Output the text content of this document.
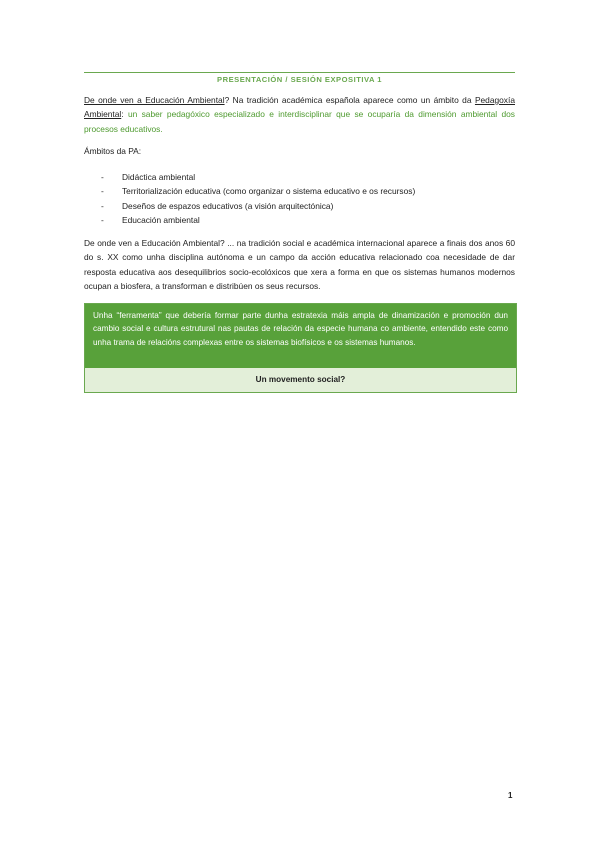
PRESENTACIÓN / SESIÓN EXPOSITIVA 1
De onde ven a Educación Ambiental? Na tradición académica española aparece como un ámbito da Pedagoxía Ambiental: un saber pedagóxico especializado e interdisciplinar que se ocuparía da dimensión ambiental dos procesos educativos.
Ámbitos da PA:
- Didáctica ambiental
- Territorialización educativa (como organizar o sistema educativo e os recursos)
- Deseños de espazos educativos (a visión arquitectónica)
- Educación ambiental
De onde ven a Educación Ambiental? ... na tradición social e académica internacional aparece a finais dos anos 60 do s. XX como unha disciplina autónoma e un campo da acción educativa relacionado coa necesidade de dar resposta educativa aos desequilibrios socio-ecolóxicos que xera a forma en que os sistemas humanos modernos ocupan a biosfera, a transforman e distribúen os seus recursos.
Unha “ferramenta” que debería formar parte dunha estratexia máis ampla de dinamización e promoción dun cambio social e cultura estrutural nas pautas de relación da especie humana co ambiente, entendido este como unha trama de relacións complexas entre os sistemas biofísicos e os sistemas humanos.
Un movemento social?
1
